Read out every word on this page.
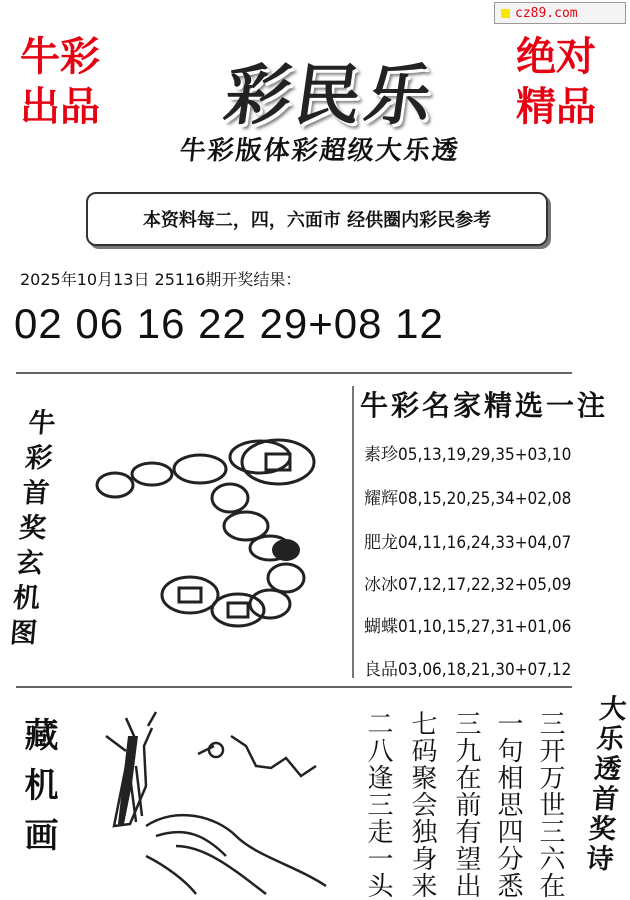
cz89.com
牛彩
出品
绝对
精品
彩民乐
牛彩版体彩超级大乐透
本资料每二，四，六面市 经供圈内彩民参考
2025年10月13日 25116期开奖结果：
02 06 16 22 29+08 12
牛彩首奖玄机图
牛彩名家精选一注
素珍05,13,19,29,35+03,10
耀辉08,15,20,25,34+02,08
肥龙04,11,16,24,33+04,07
冰冰07,12,17,22,32+05,09
蝴蝶01,10,15,27,31+01,06
良品03,06,18,21,30+07,12
藏机画	三开万世三六在
一句相思四分悉
三九在前有望出
七码聚会独身来
二八逢三走一头	大乐透首奖诗
